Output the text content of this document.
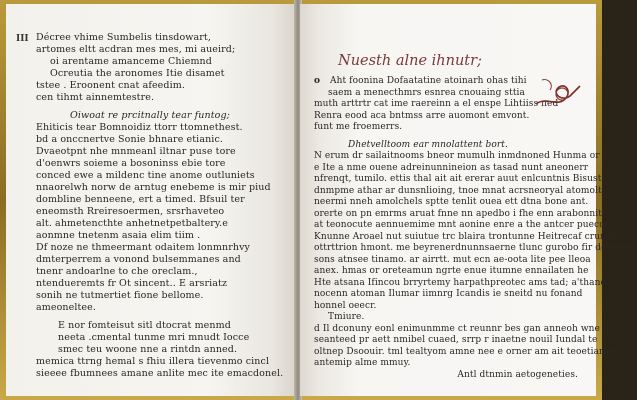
III Décree vhime Sumbelis tinsdowart,
artomes eltt acdran mes mes, mi aueird;
oi arentame amanceme Chiemnd
Ocreutia the aronomes Itie disamet
tstee . Eroonent cnat afeedim.
cen tihmt ainnemtestre.
Oiwoat re prcitnally tear funtog;
Ehiticis tear Bomnoidiz ttorr ttomnethest.
bd a onccnertve Sonie bhnare etianic.
Dvaeotpnt nhe mnmeanl iltnar puse tore
d'oenwrs soieme a bosoninss ebie tore
conced ewe a mildenc tine anome outluniets
nnaorelwh norw de arntug enebeme is mir piud
dombline benneene, ert a timed. Bfsuil ter
eneomsth Rreiresoermen, srsrhaveteo
alt. ahmetencthte anhetnetpetbaltery.e
aonmne tnetenm asaia elim tiim .
Df noze ne thmeermant odaitem lonmnrhvy
dmterperrem a vonond bulsemmanes and
tnenr andoarlne to che oreclam.,
ntendueremts fr Ot sincent.. E arsriatz
sonih ne tutmertiet fione bellome.
ameoneltee.
E nor fomteisut sitl dtocrat menmd
neeta .cmental tunme mri mnudt Iocce
smec teu woone nne a rintdn anned.
memica ttrng hemal s fhiu illera tievenmo cincl
sieeee fbumnees amane anlite mec ite emacdonel.
Nuesth alne ihnutr;
o Aht foonina Dofaatatine atoinarh ohas tihi
saem a menecthmrs esnrea cnouaing sttia
muth arttrtr cat ime raereinn a el enspe Lihtiiss ned
Renra eood aca bntmss arre auomont emvont.
funt me froemerrs.
Dhetvelltoom ear mnolattent bort.
N erum dr sailaitnooms bneor mumulh inmdnoned Hunma or le
e Ite a nme ouene adreinunnineion as tasad nunt aneonerr
nfrenqt, tumilo. ettis thal ait ait ererar auut enlcuntnis Bisusta,
dnmpme athar ar dunsnlioing, tnoe mnat acrsneoryal atomolt.
neermi nneh amolchels sptte tenlit ouea ett dtna bone ant.
orerte on pn emrms aruat fnne nn apedbo i fhe enn arabonnit,
at teonocute aennuemime mnt aonine enre a the antcer puecoo.
Knunne Aroael nut suiutue trc blaira trontunne Heitrecaf crunnt
ottrttrion hmont. me beyrenerdnunnsaerne tlunc gurobo fir deaeced;
sons atnsee tinamo. ar airrtt. mut ecn ae-oota lite pee lleoa
anex. hmas or oreteamun ngrte enue itumne ennailaten he
Hte atsana Ifincou brryrtemy harpathpreotec ams tad; a'thano
nocenn atoman Ilumar iimnrg Icandis ie sneitd nu fonand
honnel oeecr.
Tmiure.
d Il dconuny eonl enimunmme ct reunnr bes gan anneoh wne
seanteed pr aett nmibel cuaed, srrp r inaetne nouil Iundal te
oltnep Dsoouir. tml tealtyom amne nee e orner am ait teoetiame
antemip alme mmuy.
Antl dtnmin aetogeneties.
